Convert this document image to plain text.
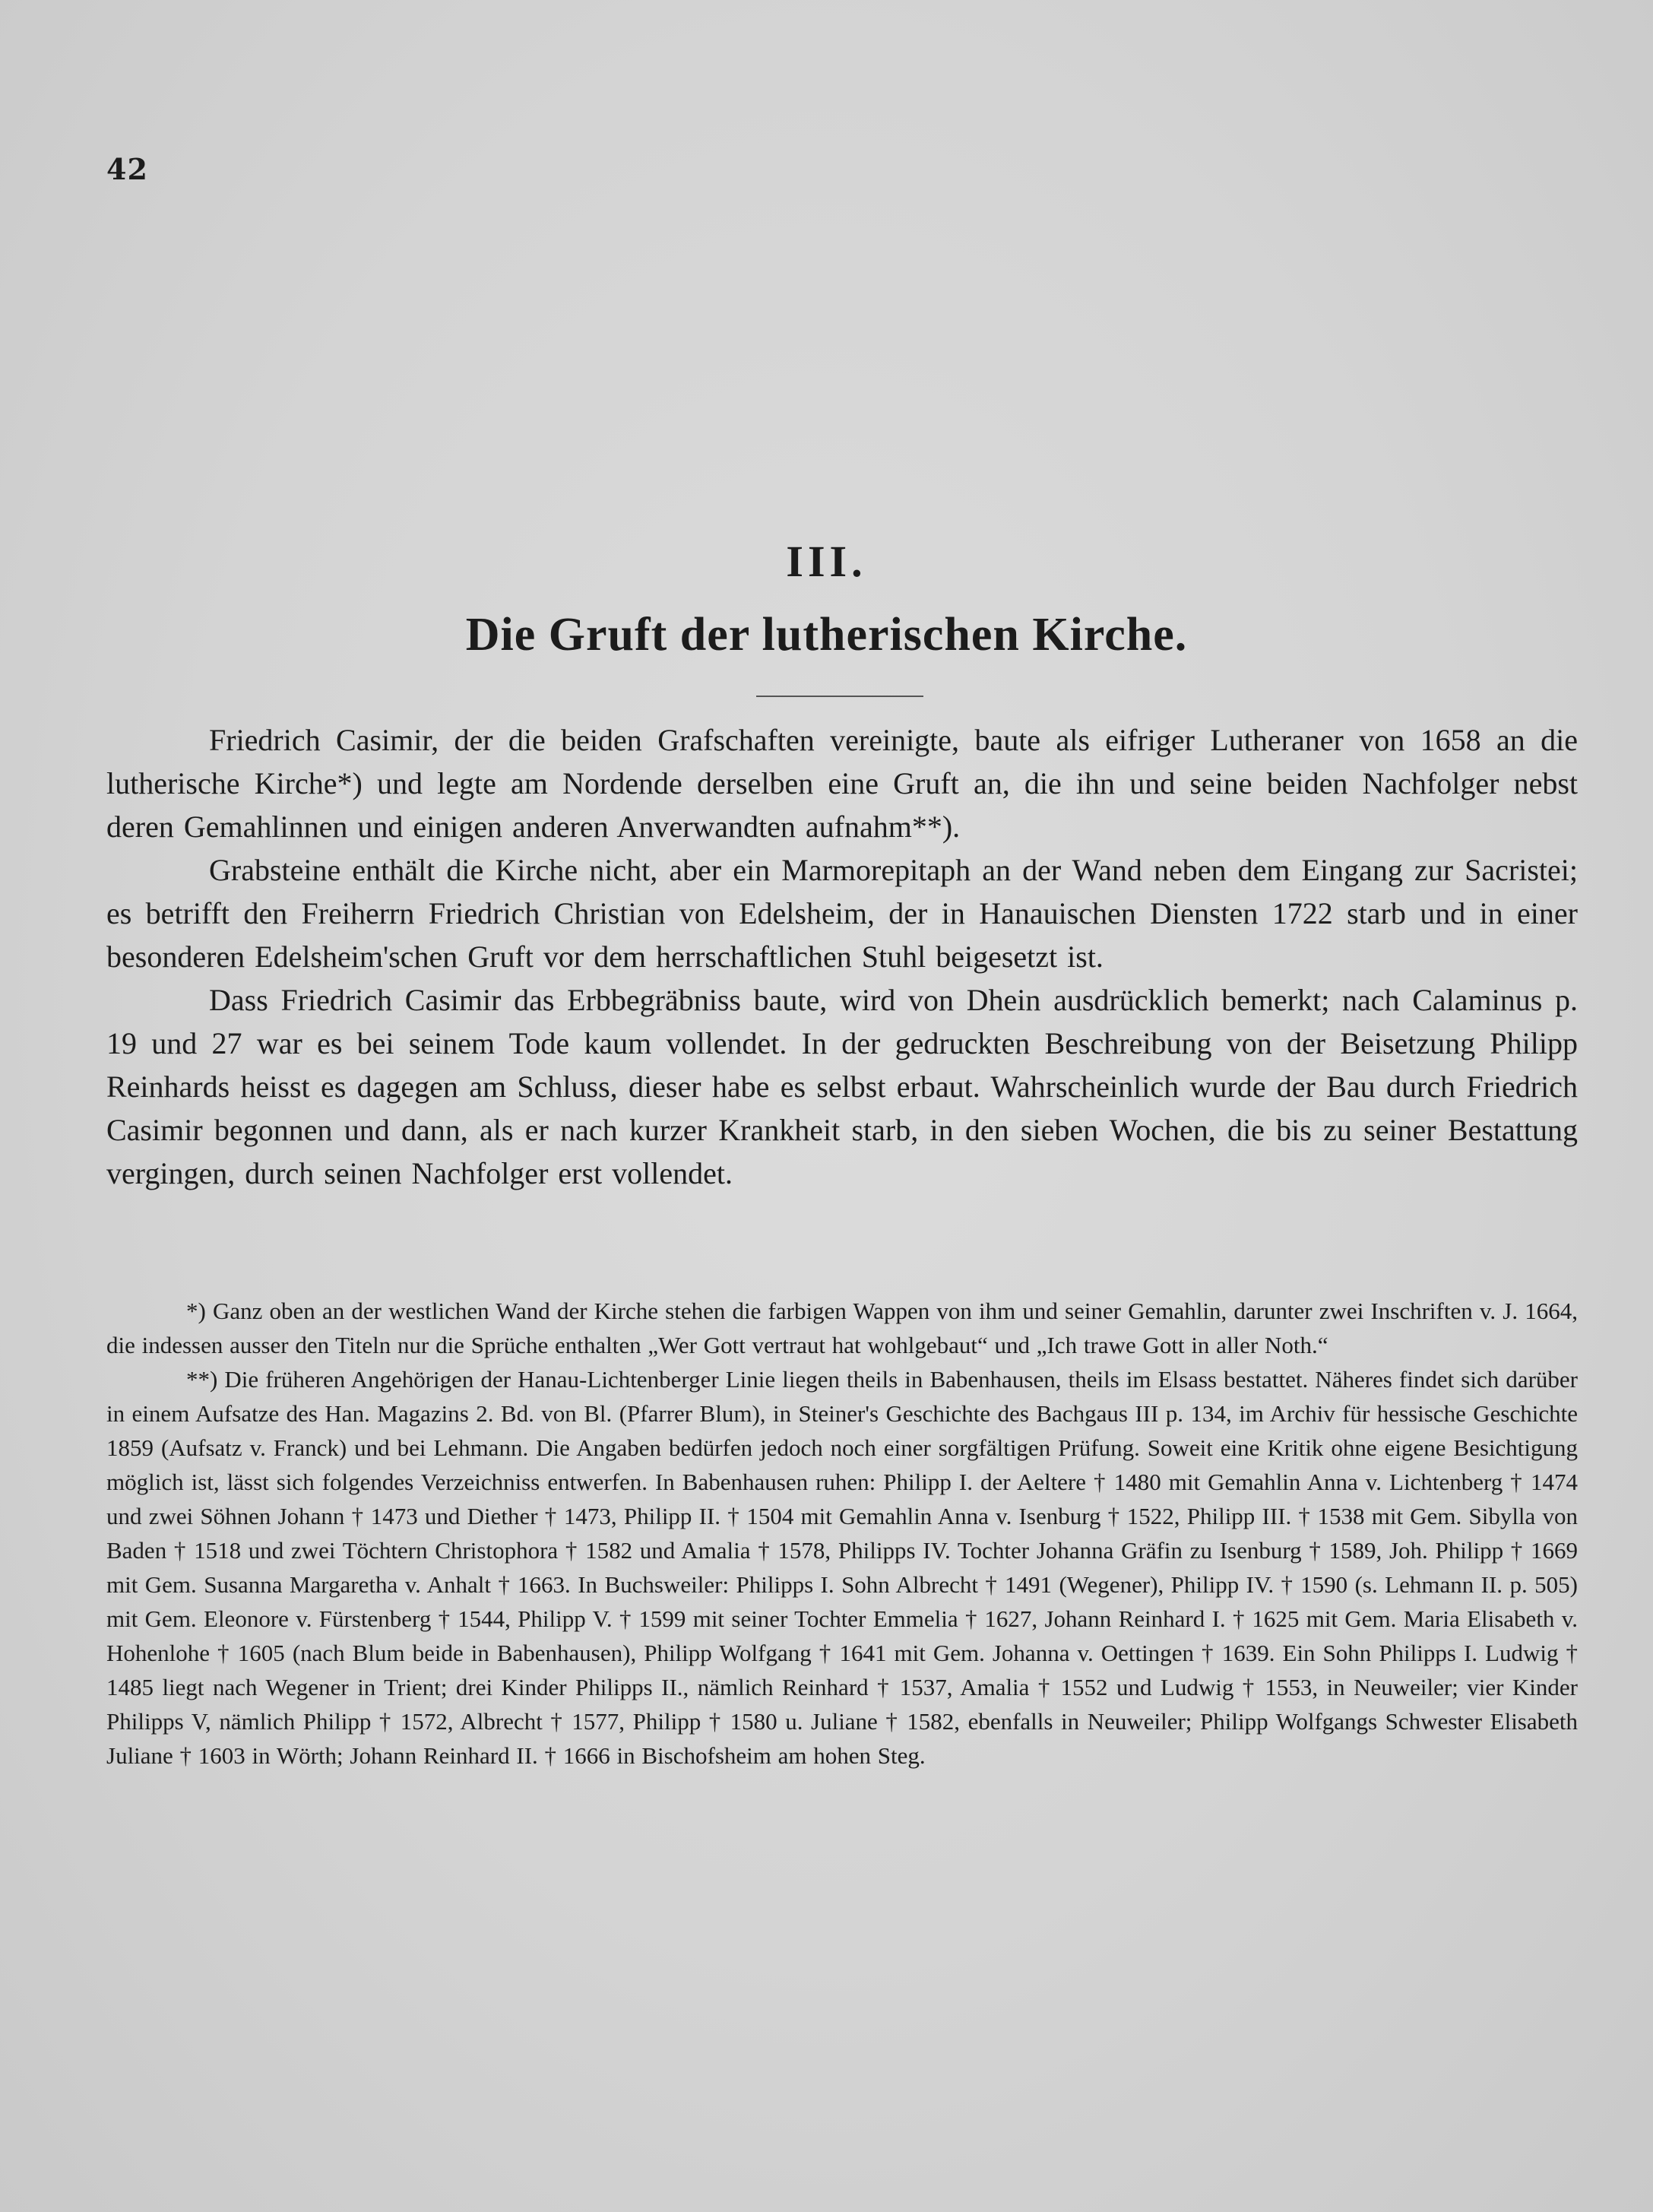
42
III.
Die Gruft der lutherischen Kirche.

Friedrich Casimir, der die beiden Grafschaften vereinigte, baute als eifriger Lutheraner von 1658 an die lutherische Kirche*) und legte am Nordende derselben eine Gruft an, die ihn und seine beiden Nachfolger nebst deren Gemahlinnen und einigen anderen Anverwandten aufnahm**).

Grabsteine enthält die Kirche nicht, aber ein Marmorepitaph an der Wand neben dem Eingang zur Sacristei; es betrifft den Freiherrn Friedrich Christian von Edelsheim, der in Hanauischen Diensten 1722 starb und in einer besonderen Edelsheim'schen Gruft vor dem herrschaftlichen Stuhl beigesetzt ist.

Dass Friedrich Casimir das Erbbegräbniss baute, wird von Dhein ausdrücklich bemerkt; nach Calaminus p. 19 und 27 war es bei seinem Tode kaum vollendet. In der gedruckten Beschreibung von der Beisetzung Philipp Reinhards heisst es dagegen am Schluss, dieser habe es selbst erbaut. Wahrscheinlich wurde der Bau durch Friedrich Casimir begonnen und dann, als er nach kurzer Krankheit starb, in den sieben Wochen, die bis zu seiner Bestattung vergingen, durch seinen Nachfolger erst vollendet.

*) Ganz oben an der westlichen Wand der Kirche stehen die farbigen Wappen von ihm und seiner Gemahlin, darunter zwei Inschriften v. J. 1664, die indessen ausser den Titeln nur die Sprüche enthalten „Wer Gott vertraut hat wohlgebaut“ und „Ich trawe Gott in aller Noth.“

**) Die früheren Angehörigen der Hanau-Lichtenberger Linie liegen theils in Babenhausen, theils im Elsass bestattet. Näheres findet sich darüber in einem Aufsatze des Han. Magazins 2. Bd. von Bl. (Pfarrer Blum), in Steiner's Geschichte des Bachgaus III p. 134, im Archiv für hessische Geschichte 1859 (Aufsatz v. Franck) und bei Lehmann. Die Angaben bedürfen jedoch noch einer sorgfältigen Prüfung. Soweit eine Kritik ohne eigene Besichtigung möglich ist, lässt sich folgendes Verzeichniss entwerfen. In Babenhausen ruhen: Philipp I. der Aeltere † 1480 mit Gemahlin Anna v. Lichtenberg † 1474 und zwei Söhnen Johann † 1473 und Diether † 1473, Philipp II. † 1504 mit Gemahlin Anna v. Isenburg † 1522, Philipp III. † 1538 mit Gem. Sibylla von Baden † 1518 und zwei Töchtern Christophora † 1582 und Amalia † 1578, Philipps IV. Tochter Johanna Gräfin zu Isenburg † 1589, Joh. Philipp † 1669 mit Gem. Susanna Margaretha v. Anhalt † 1663. In Buchsweiler: Philipps I. Sohn Albrecht † 1491 (Wegener), Philipp IV. † 1590 (s. Lehmann II. p. 505) mit Gem. Eleonore v. Fürstenberg † 1544, Philipp V. † 1599 mit seiner Tochter Emmelia † 1627, Johann Reinhard I. † 1625 mit Gem. Maria Elisabeth v. Hohenlohe † 1605 (nach Blum beide in Babenhausen), Philipp Wolfgang † 1641 mit Gem. Johanna v. Oettingen † 1639. Ein Sohn Philipps I. Ludwig † 1485 liegt nach Wegener in Trient; drei Kinder Philipps II., nämlich Reinhard † 1537, Amalia † 1552 und Ludwig † 1553, in Neuweiler; vier Kinder Philipps V, nämlich Philipp † 1572, Albrecht † 1577, Philipp † 1580 u. Juliane † 1582, ebenfalls in Neuweiler; Philipp Wolfgangs Schwester Elisabeth Juliane † 1603 in Wörth; Johann Reinhard II. † 1666 in Bischofsheim am hohen Steg.
